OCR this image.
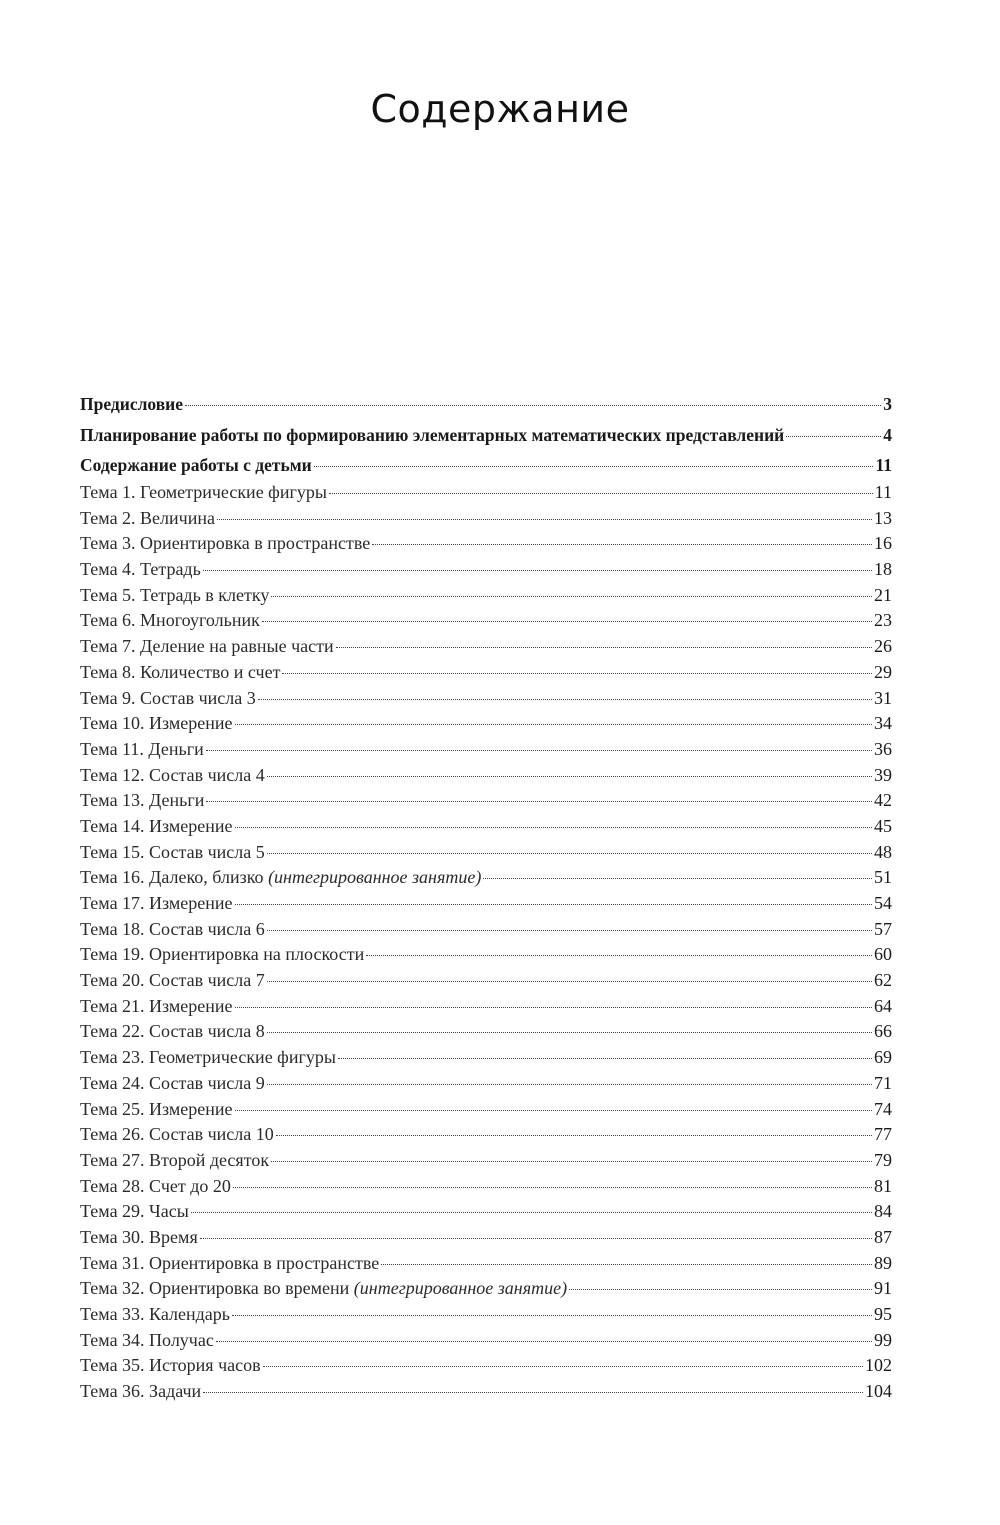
Содержание
Предисловие	3
Планирование работы по формированию элементарных математических представлений	4
Содержание работы с детьми	11
Тема 1. Геометрические фигуры	11
Тема 2. Величина	13
Тема 3. Ориентировка в пространстве	16
Тема 4. Тетрадь	18
Тема 5. Тетрадь в клетку	21
Тема 6. Многоугольник	23
Тема 7. Деление на равные части	26
Тема 8. Количество и счет	29
Тема 9. Состав числа 3	31
Тема 10. Измерение	34
Тема 11. Деньги	36
Тема 12. Состав числа 4	39
Тема 13. Деньги	42
Тема 14. Измерение	45
Тема 15. Состав числа 5	48
Тема 16. Далеко, близко (интегрированное занятие)	51
Тема 17. Измерение	54
Тема 18. Состав числа 6	57
Тема 19. Ориентировка на плоскости	60
Тема 20. Состав числа 7	62
Тема 21. Измерение	64
Тема 22. Состав числа 8	66
Тема 23. Геометрические фигуры	69
Тема 24. Состав числа 9	71
Тема 25. Измерение	74
Тема 26. Состав числа 10	77
Тема 27. Второй десяток	79
Тема 28. Счет до 20	81
Тема 29. Часы	84
Тема 30. Время	87
Тема 31. Ориентировка в пространстве	89
Тема 32. Ориентировка во времени (интегрированное занятие)	91
Тема 33. Календарь	95
Тема 34. Получас	99
Тема 35. История часов	102
Тема 36. Задачи	104
